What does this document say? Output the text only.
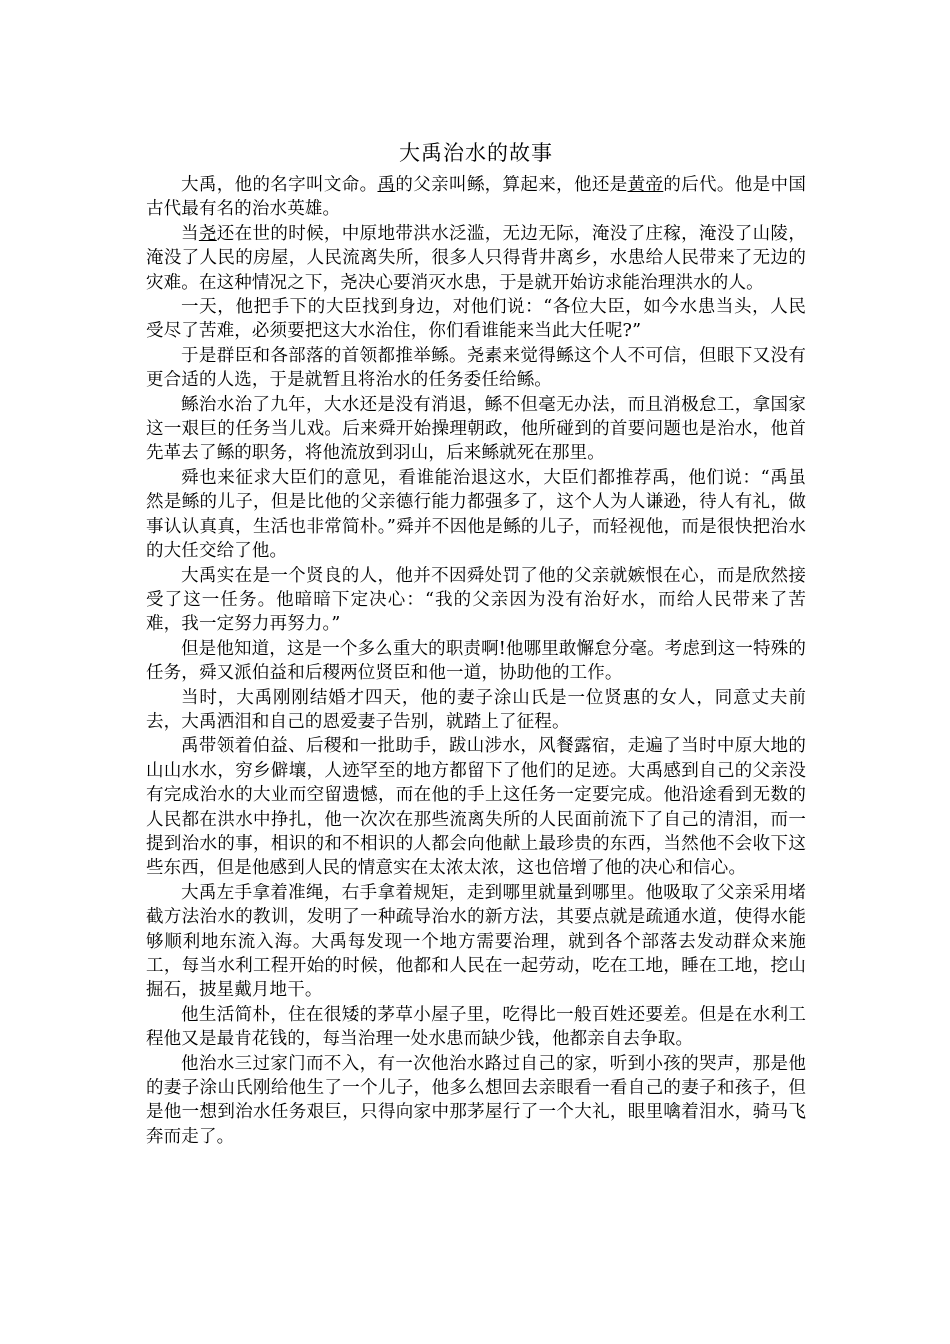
大禹治水的故事

大禹，他的名字叫文命。禹的父亲叫鲧，算起来，他还是黄帝的后代。他是中国古代最有名的治水英雄。

当尧还在世的时候，中原地带洪水泛滥，无边无际，淹没了庄稼，淹没了山陵，淹没了人民的房屋，人民流离失所，很多人只得背井离乡，水患给人民带来了无边的灾难。在这种情况之下，尧决心要消灭水患，于是就开始访求能治理洪水的人。

一天，他把手下的大臣找到身边，对他们说：“各位大臣，如今水患当头，人民受尽了苦难，必须要把这大水治住，你们看谁能来当此大任呢?”

于是群臣和各部落的首领都推举鲧。尧素来觉得鲧这个人不可信，但眼下又没有更合适的人选，于是就暂且将治水的任务委任给鲧。

鲧治水治了九年，大水还是没有消退，鲧不但毫无办法，而且消极怠工，拿国家这一艰巨的任务当儿戏。后来舜开始操理朝政，他所碰到的首要问题也是治水，他首先革去了鲧的职务，将他流放到羽山，后来鲧就死在那里。

舜也来征求大臣们的意见，看谁能治退这水，大臣们都推荐禹，他们说：“禹虽然是鲧的儿子，但是比他的父亲德行能力都强多了，这个人为人谦逊，待人有礼，做事认认真真，生活也非常简朴。”舜并不因他是鲧的儿子，而轻视他，而是很快把治水的大任交给了他。

大禹实在是一个贤良的人，他并不因舜处罚了他的父亲就嫉恨在心，而是欣然接受了这一任务。他暗暗下定决心：“我的父亲因为没有治好水，而给人民带来了苦难，我一定努力再努力。”

但是他知道，这是一个多么重大的职责啊!他哪里敢懈怠分毫。考虑到这一特殊的任务，舜又派伯益和后稷两位贤臣和他一道，协助他的工作。

当时，大禹刚刚结婚才四天，他的妻子涂山氏是一位贤惠的女人，同意丈夫前去，大禹洒泪和自己的恩爱妻子告别，就踏上了征程。

禹带领着伯益、后稷和一批助手，跋山涉水，风餐露宿，走遍了当时中原大地的山山水水，穷乡僻壤，人迹罕至的地方都留下了他们的足迹。大禹感到自己的父亲没有完成治水的大业而空留遗憾，而在他的手上这任务一定要完成。他沿途看到无数的人民都在洪水中挣扎，他一次次在那些流离失所的人民面前流下了自己的清泪，而一提到治水的事，相识的和不相识的人都会向他献上最珍贵的东西，当然他不会收下这些东西，但是他感到人民的情意实在太浓太浓，这也倍增了他的决心和信心。

大禹左手拿着准绳，右手拿着规矩，走到哪里就量到哪里。他吸取了父亲采用堵截方法治水的教训，发明了一种疏导治水的新方法，其要点就是疏通水道，使得水能够顺利地东流入海。大禹每发现一个地方需要治理，就到各个部落去发动群众来施工，每当水利工程开始的时候，他都和人民在一起劳动，吃在工地，睡在工地，挖山掘石，披星戴月地干。

他生活简朴，住在很矮的茅草小屋子里，吃得比一般百姓还要差。但是在水利工程他又是最肯花钱的，每当治理一处水患而缺少钱，他都亲自去争取。

他治水三过家门而不入，有一次他治水路过自己的家，听到小孩的哭声，那是他的妻子涂山氏刚给他生了一个儿子，他多么想回去亲眼看一看自己的妻子和孩子，但是他一想到治水任务艰巨，只得向家中那茅屋行了一个大礼，眼里噙着泪水，骑马飞奔而走了。
